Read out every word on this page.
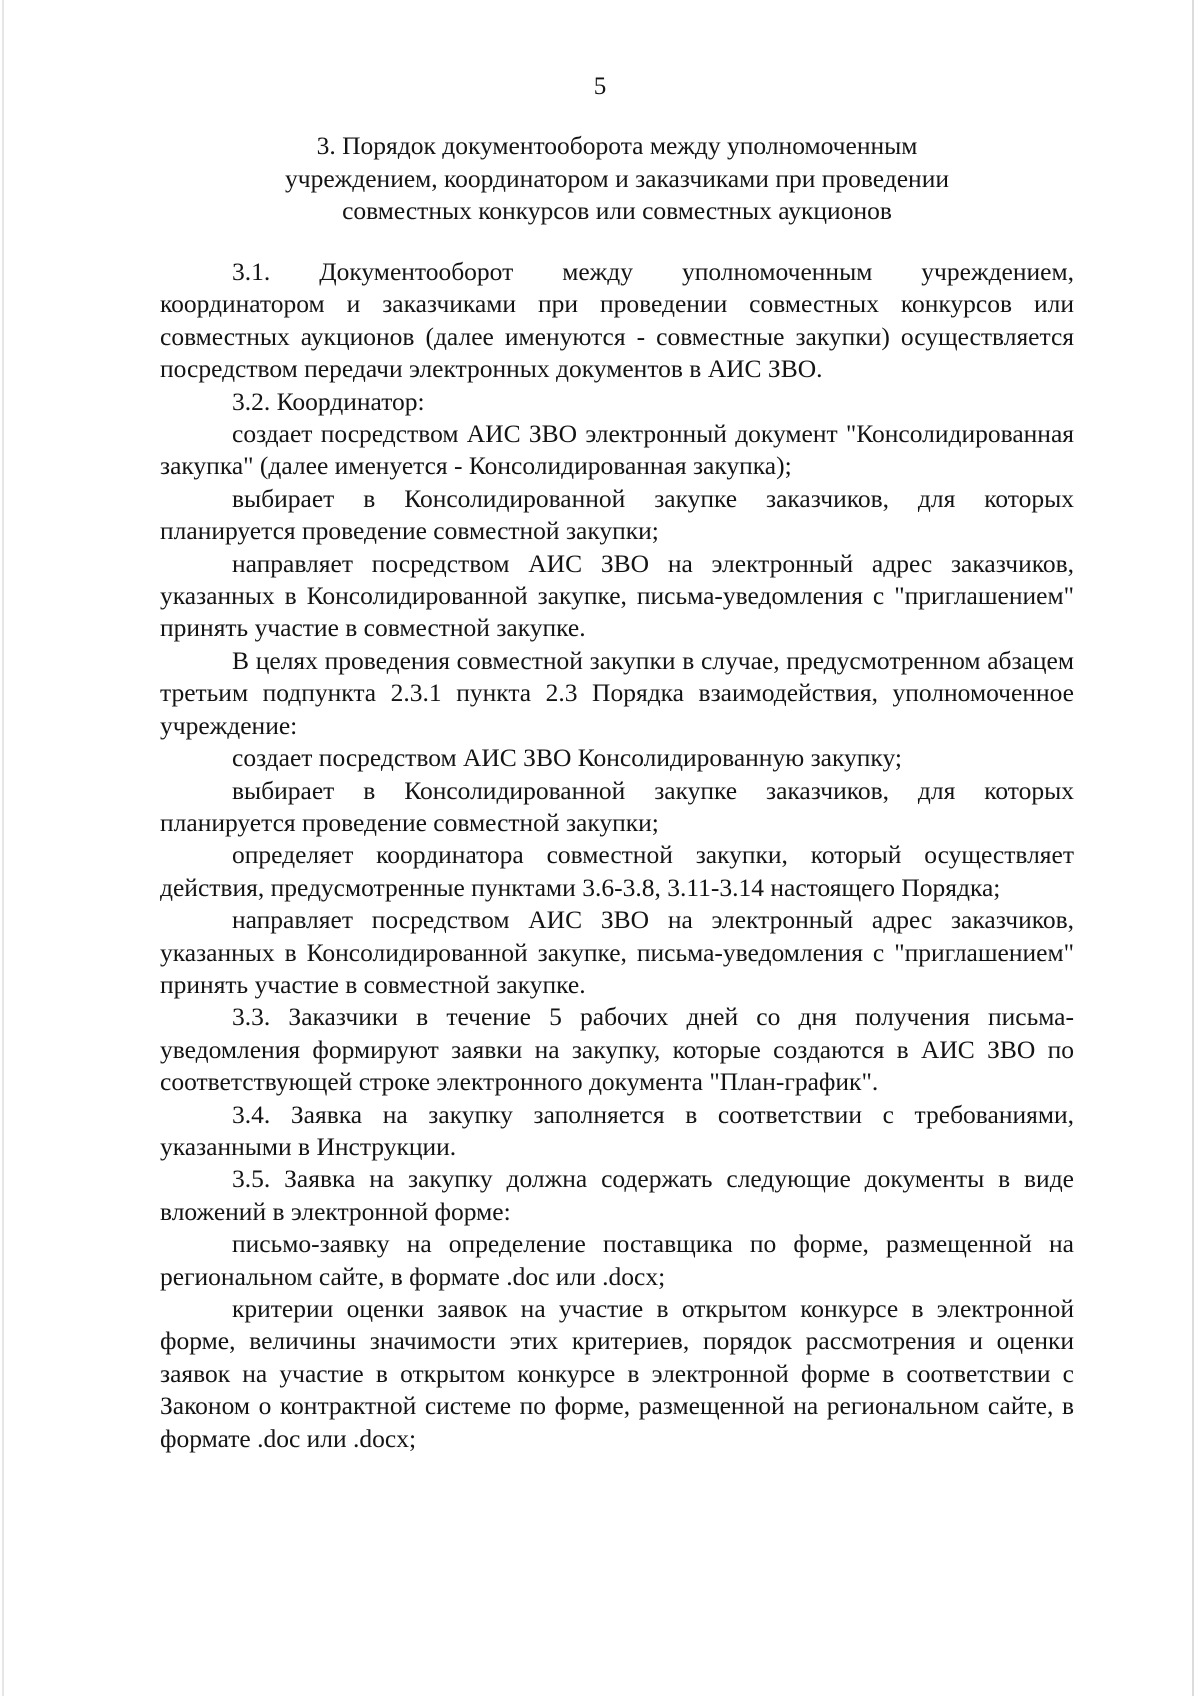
5
3. Порядок документооборота между уполномоченным
учреждением, координатором и заказчиками при проведении
совместных конкурсов или совместных аукционов

3.1. Документооборот между уполномоченным учреждением, координатором и заказчиками при проведении совместных конкурсов или совместных аукционов (далее именуются - совместные закупки) осуществляется посредством передачи электронных документов в АИС ЗВО.

3.2. Координатор:

создает посредством АИС ЗВО электронный документ "Консолидированная закупка" (далее именуется - Консолидированная закупка);

выбирает в Консолидированной закупке заказчиков, для которых планируется проведение совместной закупки;

направляет посредством АИС ЗВО на электронный адрес заказчиков, указанных в Консолидированной закупке, письма-уведомления с "приглашением" принять участие в совместной закупке.

В целях проведения совместной закупки в случае, предусмотренном абзацем третьим подпункта 2.3.1 пункта 2.3 Порядка взаимодействия, уполномоченное учреждение:

создает посредством АИС ЗВО Консолидированную закупку;

выбирает в Консолидированной закупке заказчиков, для которых планируется проведение совместной закупки;

определяет координатора совместной закупки, который осуществляет действия, предусмотренные пунктами 3.6-3.8, 3.11-3.14 настоящего Порядка;

направляет посредством АИС ЗВО на электронный адрес заказчиков, указанных в Консолидированной закупке, письма-уведомления с "приглашением" принять участие в совместной закупке.

3.3. Заказчики в течение 5 рабочих дней со дня получения письма-уведомления формируют заявки на закупку, которые создаются в АИС ЗВО по соответствующей строке электронного документа "План-график".

3.4. Заявка на закупку заполняется в соответствии с требованиями, указанными в Инструкции.

3.5. Заявка на закупку должна содержать следующие документы в виде вложений в электронной форме:

письмо-заявку на определение поставщика по форме, размещенной на региональном сайте, в формате .doc или .docx;

критерии оценки заявок на участие в открытом конкурсе в электронной форме, величины значимости этих критериев, порядок рассмотрения и оценки заявок на участие в открытом конкурсе в электронной форме в соответствии с Законом о контрактной системе по форме, размещенной на региональном сайте, в формате .doc или .docx;
